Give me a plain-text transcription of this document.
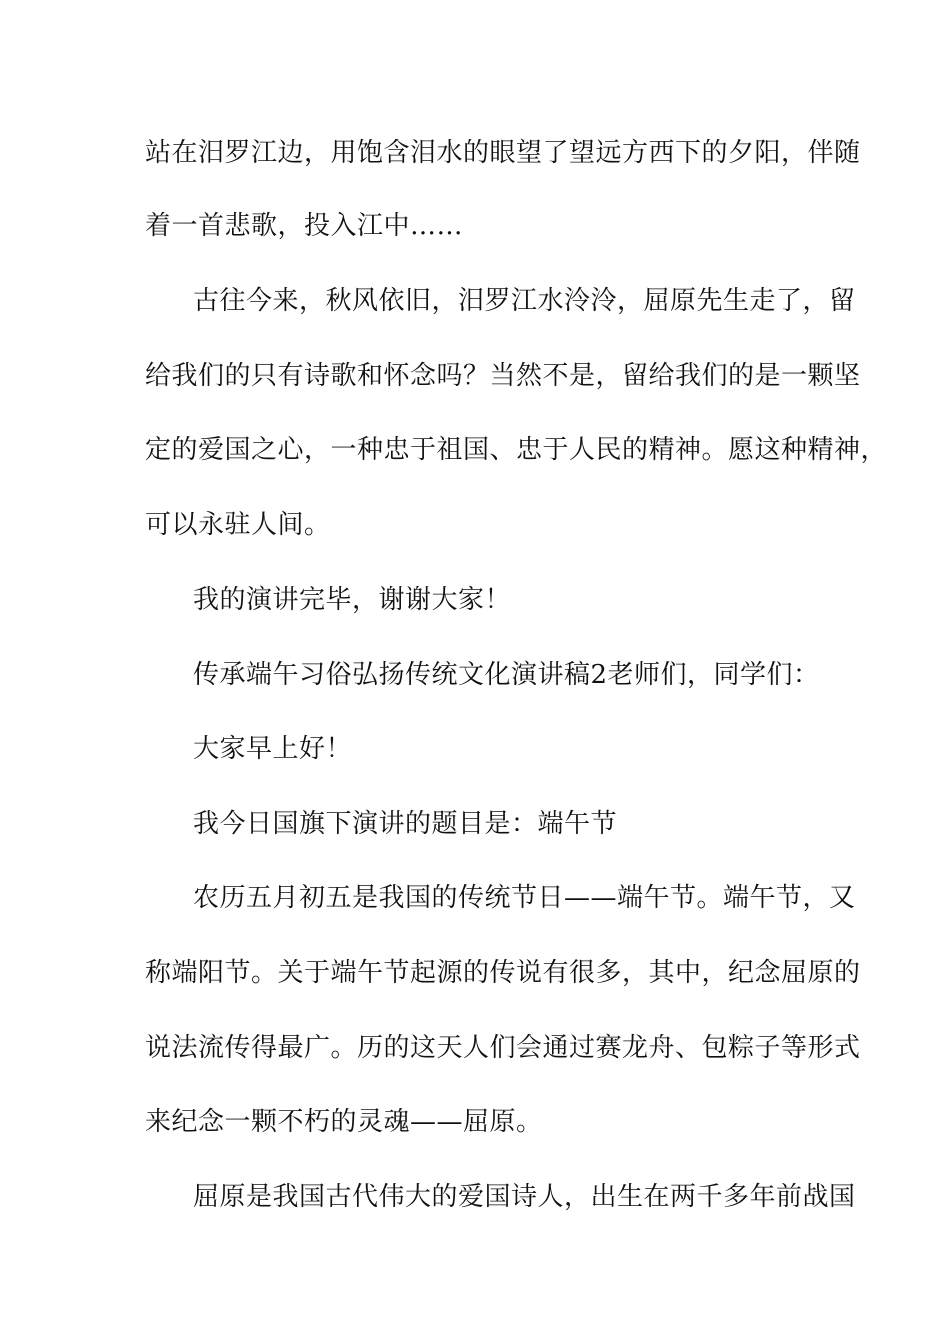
站在汨罗江边，用饱含泪水的眼望了望远方西下的夕阳，伴随
着一首悲歌，投入江中……
古往今来，秋风依旧，汨罗江水泠泠，屈原先生走了，留
给我们的只有诗歌和怀念吗？当然不是，留给我们的是一颗坚
定的爱国之心，一种忠于祖国、忠于人民的精神。愿这种精神，
可以永驻人间。
我的演讲完毕，谢谢大家！
传承端午习俗弘扬传统文化演讲稿2老师们，同学们：
大家早上好！
我今日国旗下演讲的题目是：端午节
农历五月初五是我国的传统节日——端午节。端午节，又
称端阳节。关于端午节起源的传说有很多，其中，纪念屈原的
说法流传得最广。历的这天人们会通过赛龙舟、包粽子等形式
来纪念一颗不朽的灵魂——屈原。
屈原是我国古代伟大的爱国诗人，出生在两千多年前战国
